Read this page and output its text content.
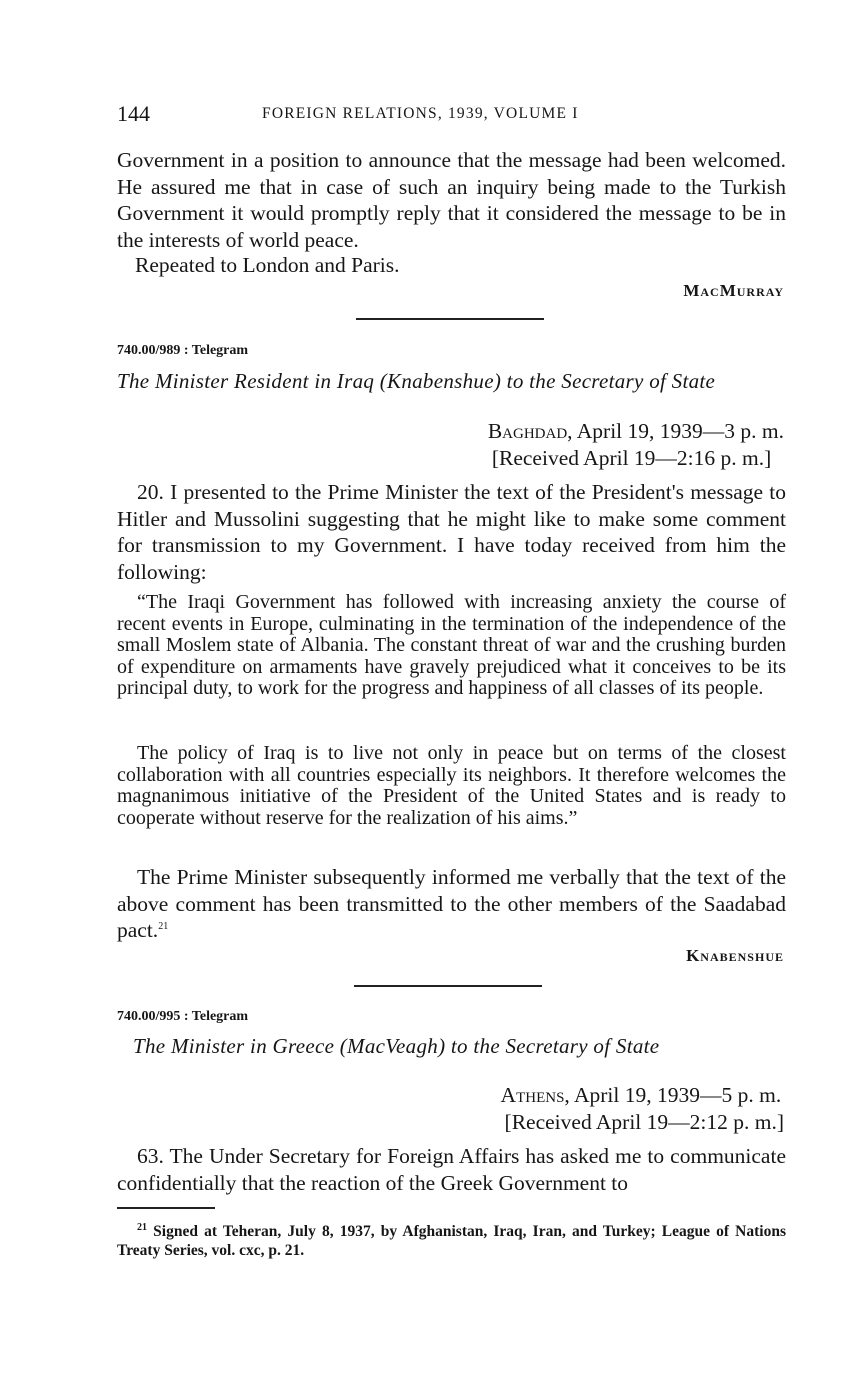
144	FOREIGN RELATIONS, 1939, VOLUME I
Government in a position to announce that the message had been welcomed. He assured me that in case of such an inquiry being made to the Turkish Government it would promptly reply that it considered the message to be in the interests of world peace.
Repeated to London and Paris.
MacMurray
740.00/989 : Telegram
The Minister Resident in Iraq (Knabenshue) to the Secretary of State
Baghdad, April 19, 1939—3 p. m.
[Received April 19—2:16 p. m.]
20. I presented to the Prime Minister the text of the President's message to Hitler and Mussolini suggesting that he might like to make some comment for transmission to my Government. I have today received from him the following:
“The Iraqi Government has followed with increasing anxiety the course of recent events in Europe, culminating in the termination of the independence of the small Moslem state of Albania. The constant threat of war and the crushing burden of expenditure on armaments have gravely prejudiced what it conceives to be its principal duty, to work for the progress and happiness of all classes of its people.
The policy of Iraq is to live not only in peace but on terms of the closest collaboration with all countries especially its neighbors. It therefore welcomes the magnanimous initiative of the President of the United States and is ready to cooperate without reserve for the realization of his aims.”
The Prime Minister subsequently informed me verbally that the text of the above comment has been transmitted to the other members of the Saadabad pact.$^{21}$
Knabenshue
740.00/995 : Telegram
The Minister in Greece (MacVeagh) to the Secretary of State
Athens, April 19, 1939—5 p. m.
[Received April 19—2:12 p. m.]
63. The Under Secretary for Foreign Affairs has asked me to communicate confidentially that the reaction of the Greek Government to
$^{21}$ Signed at Teheran, July 8, 1937, by Afghanistan, Iraq, Iran, and Turkey; League of Nations Treaty Series, vol. cxc, p. 21.
